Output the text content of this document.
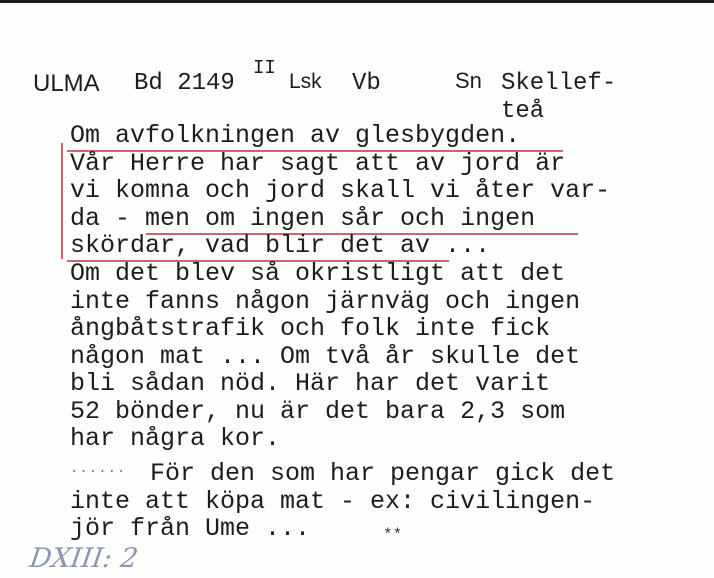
ULMA Bd 2149
II
Lsk Vb	Sn Skellef-
teå
Om avfolkningen av glesbygden.
Vår Herre har sagt att av jord är
vi komna och jord skall vi åter var-
da - men om ingen sår och ingen
skördar, vad blir det av ...
Om det blev så okristligt att det
inte fanns någon järnväg och ingen
ångbåtstrafik och folk inte fick
någon mat ... Om två år skulle det
bli sådan nöd. Här har det varit
52 bönder, nu är det bara 2,3 som
har några kor.
...... För den som har pengar gick det
inte att köpa mat - ex: civilingen-
jör från Ume ...	**
DXIII: 2
